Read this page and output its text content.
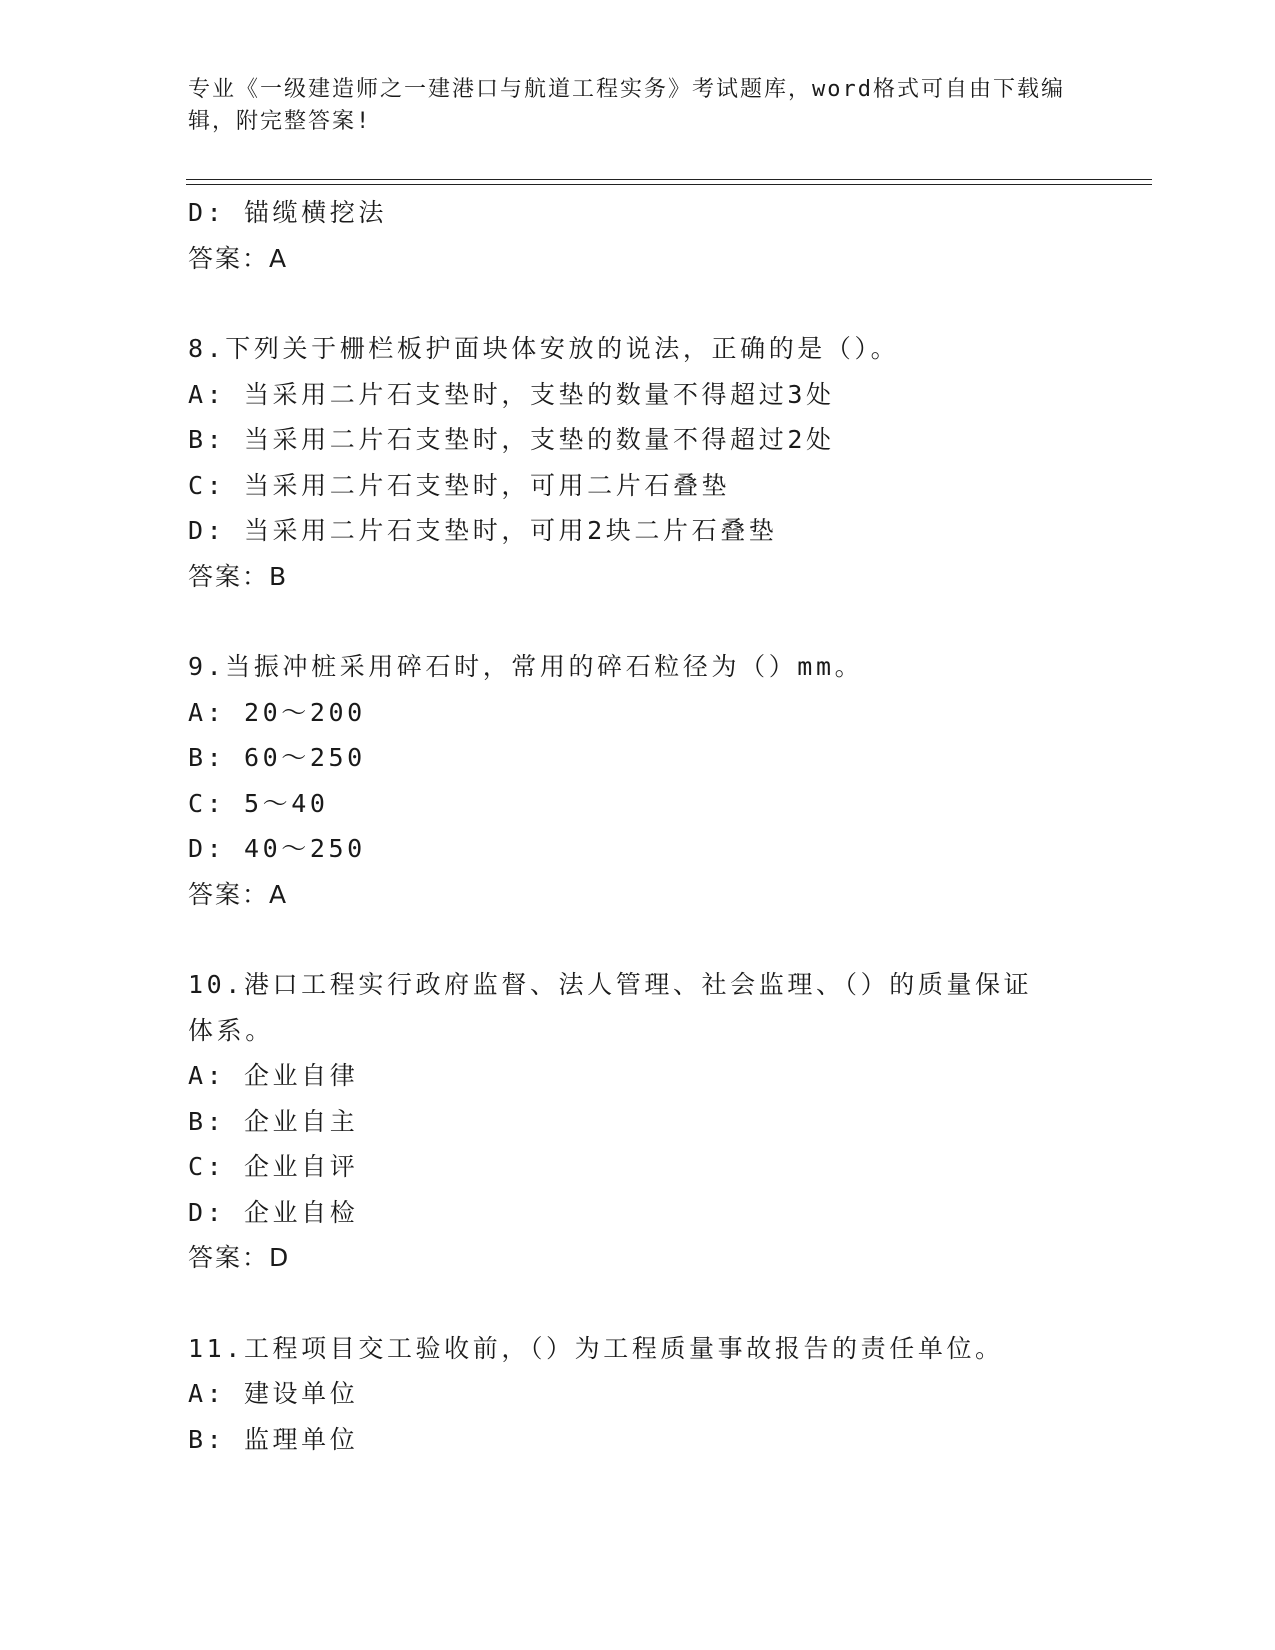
专业《一级建造师之一建港口与航道工程实务》考试题库，word格式可自由下载编辑，附完整答案!
D: 锚缆横挖法
答案：A
8.下列关于栅栏板护面块体安放的说法，正确的是（）。
A: 当采用二片石支垫时，支垫的数量不得超过3处
B: 当采用二片石支垫时，支垫的数量不得超过2处
C: 当采用二片石支垫时，可用二片石叠垫
D: 当采用二片石支垫时，可用2块二片石叠垫
答案：B
9.当振冲桩采用碎石时，常用的碎石粒径为（）mm。
A: 20～200
B: 60～250
C: 5～40
D: 40～250
答案：A
10.港口工程实行政府监督、法人管理、社会监理、（）的质量保证体系。
A: 企业自律
B: 企业自主
C: 企业自评
D: 企业自检
答案：D
11.工程项目交工验收前，（）为工程质量事故报告的责任单位。
A: 建设单位
B: 监理单位
